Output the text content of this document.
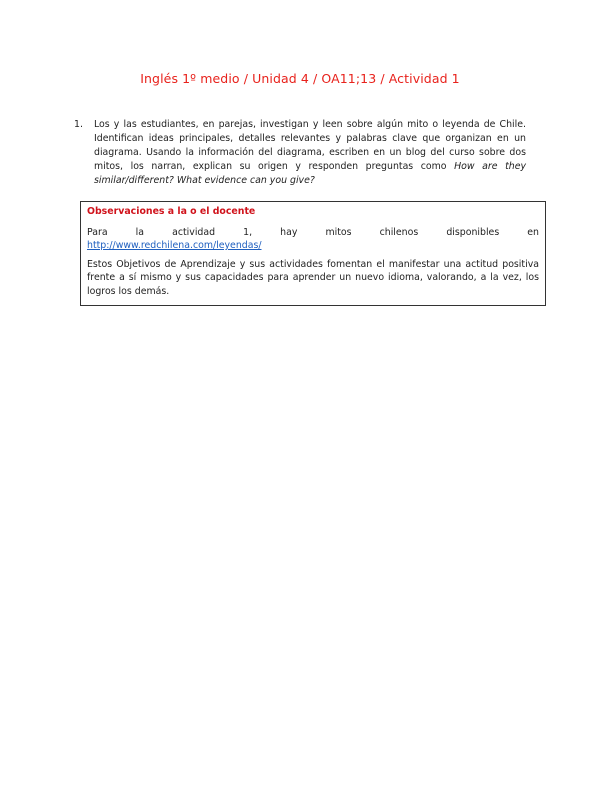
Inglés 1º medio / Unidad 4 / OA11;13 / Actividad 1
1.	Los y las estudiantes, en parejas, investigan y leen sobre algún mito o leyenda de Chile. Identifican ideas principales, detalles relevantes y palabras clave que organizan en un diagrama. Usando la información del diagrama, escriben en un blog del curso sobre dos mitos, los narran, explican su origen y responden preguntas como How are they similar/different? What evidence can you give?

Observaciones a la o el docente

Para la actividad 1, hay mitos chilenos disponibles en

http://www.redchilena.com/leyendas/

Estos Objetivos de Aprendizaje y sus actividades fomentan el manifestar una actitud positiva frente a sí mismo y sus capacidades para aprender un nuevo idioma, valorando, a la vez, los logros los demás.
